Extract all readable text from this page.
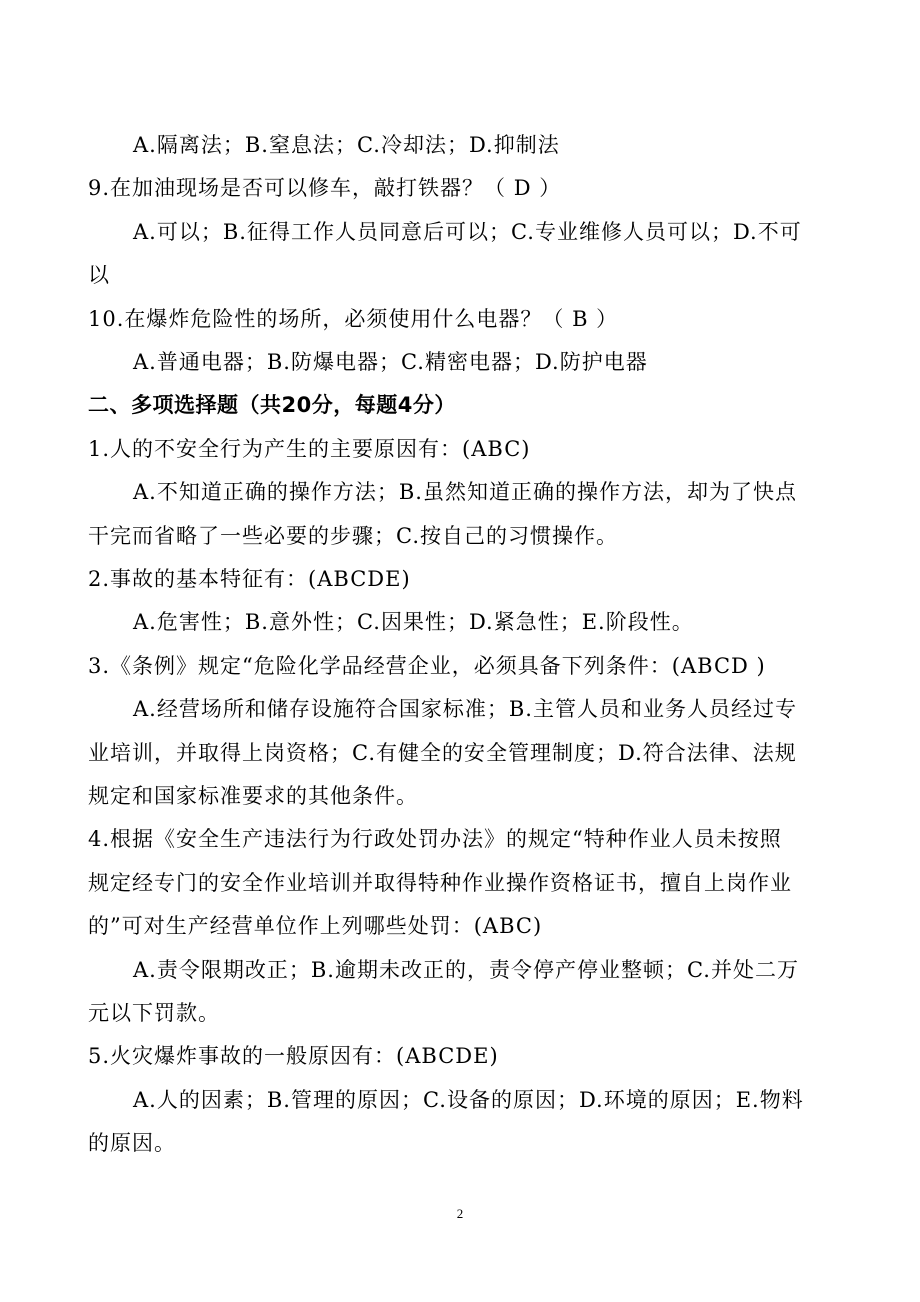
A.隔离法；B.窒息法；C.冷却法；D.抑制法
9.在加油现场是否可以修车，敲打铁器？（ D ）
A.可以；B.征得工作人员同意后可以；C.专业维修人员可以；D.不可
以
10.在爆炸危险性的场所，必须使用什么电器？（ B ）
A.普通电器；B.防爆电器；C.精密电器；D.防护电器
二、多项选择题（共20分，每题4分）
1.人的不安全行为产生的主要原因有：(ABC)
A.不知道正确的操作方法；B.虽然知道正确的操作方法，却为了快点
干完而省略了一些必要的步骤；C.按自己的习惯操作。
2.事故的基本特征有：(ABCDE)
A.危害性；B.意外性；C.因果性；D.紧急性；E.阶段性。
3.《条例》规定“危险化学品经营企业，必须具备下列条件：(ABCD )
A.经营场所和储存设施符合国家标准；B.主管人员和业务人员经过专
业培训，并取得上岗资格；C.有健全的安全管理制度；D.符合法律、法规
规定和国家标准要求的其他条件。
4.根据《安全生产违法行为行政处罚办法》的规定“特种作业人员未按照
规定经专门的安全作业培训并取得特种作业操作资格证书，擅自上岗作业
的”可对生产经营单位作上列哪些处罚：(ABC)
A.责令限期改正；B.逾期未改正的，责令停产停业整顿；C.并处二万
元以下罚款。
5.火灾爆炸事故的一般原因有：(ABCDE)
A.人的因素；B.管理的原因；C.设备的原因；D.环境的原因；E.物料
的原因。
2
